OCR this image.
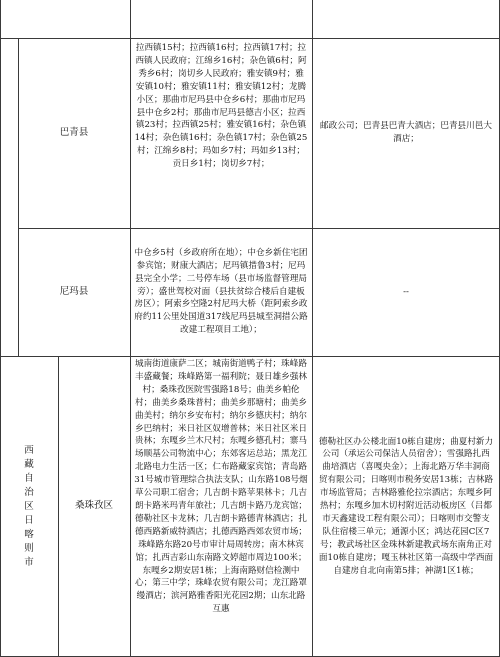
巴青县
拉西镇15村；拉西镇16村；拉西镇17村；拉西镇人民政府；江绵乡16村；杂色镇6村；阿秀乡6村；岗切乡人民政府；雅安镇9村；雅安镇10村；雅安镇11村；雅安镇12村；龙腾小区；那曲市尼玛县中仓乡6村；那曲市尼玛县中仓乡2村；那曲市尼玛县德吉小区；拉西镇23村；拉西镇25村；雅安镇16村；杂色镇14村；杂色镇16村；杂色镇17村；杂色镇25村；江绵乡8村；玛如乡7村；玛如乡13村；贡日乡1村；岗切乡7村；
邮政公司；巴青县巴青大酒店；巴青县川邑大酒店；
尼玛县
中仓乡5村（乡政府所在地）；中仓乡新住宅团参宾馆；财康大酒店；尼玛镇措鲁3村；尼玛县完全小学；二号停车场（县市场监督管理局旁）；盛世驾校对面（县扶贫综合楼后自建板房区）；阿索乡空隆2村尼玛大桥（距阿索乡政府约11公里处国道317线尼玛县城至洞措公路改建工程项目工地）；
--
西藏自治区日喀则市
桑珠孜区
城南街道康萨二区；城南街道鸭子村；珠峰路丰盛藏餐；珠峰路第一福利院；聂日雄乡强林村；桑珠孜医院雪强路18号；曲美乡帕伦村；曲美乡桑珠普村；曲美乡那塘村；曲美乡曲美村；纳尔乡安布村；纳尔乡德庆村；纳尔乡巴纳村；米日社区奴增普林；米日社区米日贵林；东嘎乡兰木尺村；东嘎乡德孔村；寨马场顺基公司物流中心；东郊客运总站；黑龙江北路电力生活一区；仁布路藏家宾馆；青岛路31号城市管理综合执法支队；山东路108号烟草公司职工宿舍；几吉朗卡路苹果林卡；几吉朗卡路米玛青年旅社；几吉朗卡路乃龙宾馆；德勒社区卡龙林；几吉朗卡路德青林酒店；扎德西路新威特酒店；扎德西路西郊农贸市场；珠峰路东路20号市审计局周转房；南木林宾馆；扎西吉彩山东南路文婷超市周边100米；东嘎乡2期安居1栋；上海南路财信检测中心；第三中学；珠峰农贸有限公司；龙江路罩缦酒店；滨河路雅香阳光花园2期；山东北路互惠
德勒社区办公楼北面10栋自建房；曲夏村新力公司（承运公司保洁人员宿舍）；雪强路扎西曲培酒店（喜嘎央金）；上海北路万华丰洞商贸有限公司；日喀则市税务安居13栋；吉林路市场监管局；吉林路雅伦拉宗酒店；东嘎乡阿热村；东嘎乡加木切村附近活动板房区（吕都市天鑫建设工程有限公司）；日喀则市交警支队住宿楼三单元；通源小区；鸿达花园C区7号；教武场社区金珠林新建教武场东南角正对面10栋自建房；嘎玉林社区第一高级中学西面自建房自北向南第5排；神湖1区1栋；
